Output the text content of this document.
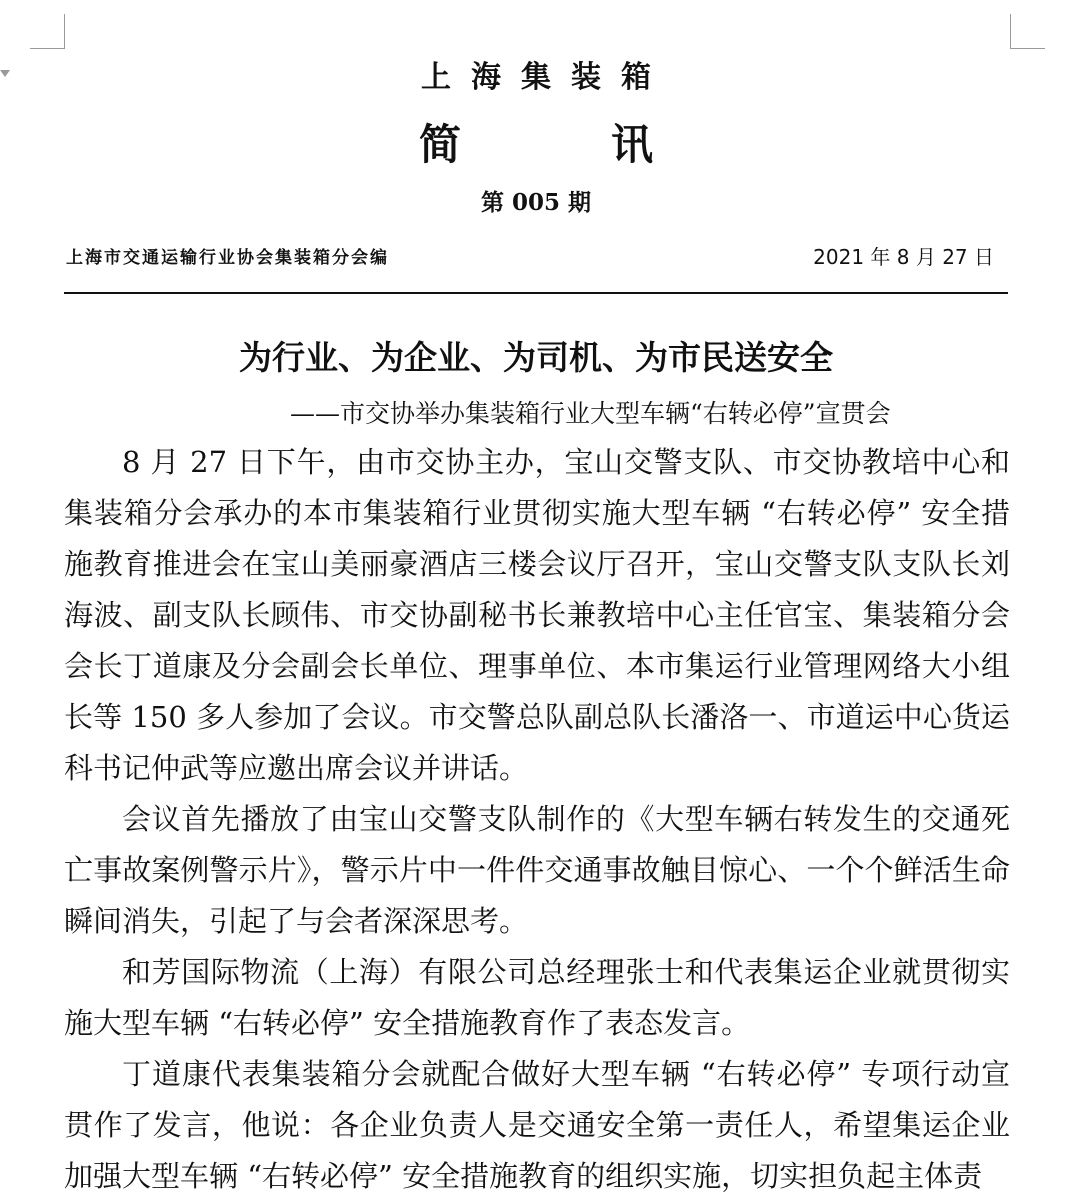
上海集装箱
简	讯
第 005 期
上海市交通运输行业协会集装箱分会编	2021 年 8 月 27 日
为行业、为企业、为司机、为市民送安全
——市交协举办集装箱行业大型车辆“右转必停”宣贯会

8 月 27 日下午，由市交协主办，宝山交警支队、市交协教培中心和集装箱分会承办的本市集装箱行业贯彻实施大型车辆 “右转必停” 安全措施教育推进会在宝山美丽豪酒店三楼会议厅召开，宝山交警支队支队长刘海波、副支队长顾伟、市交协副秘书长兼教培中心主任官宝、集装箱分会会长丁道康及分会副会长单位、理事单位、本市集运行业管理网络大小组长等 150 多人参加了会议。市交警总队副总队长潘洛一、市道运中心货运科书记仲武等应邀出席会议并讲话。

会议首先播放了由宝山交警支队制作的《大型车辆右转发生的交通死亡事故案例警示片》，警示片中一件件交通事故触目惊心、一个个鲜活生命瞬间消失，引起了与会者深深思考。

和芳国际物流（上海）有限公司总经理张士和代表集运企业就贯彻实施大型车辆 “右转必停” 安全措施教育作了表态发言。

丁道康代表集装箱分会就配合做好大型车辆 “右转必停” 专项行动宣贯作了发言，他说：各企业负责人是交通安全第一责任人，希望集运企业加强大型车辆 “右转必停” 安全措施教育的组织实施，切实担负起主体责
